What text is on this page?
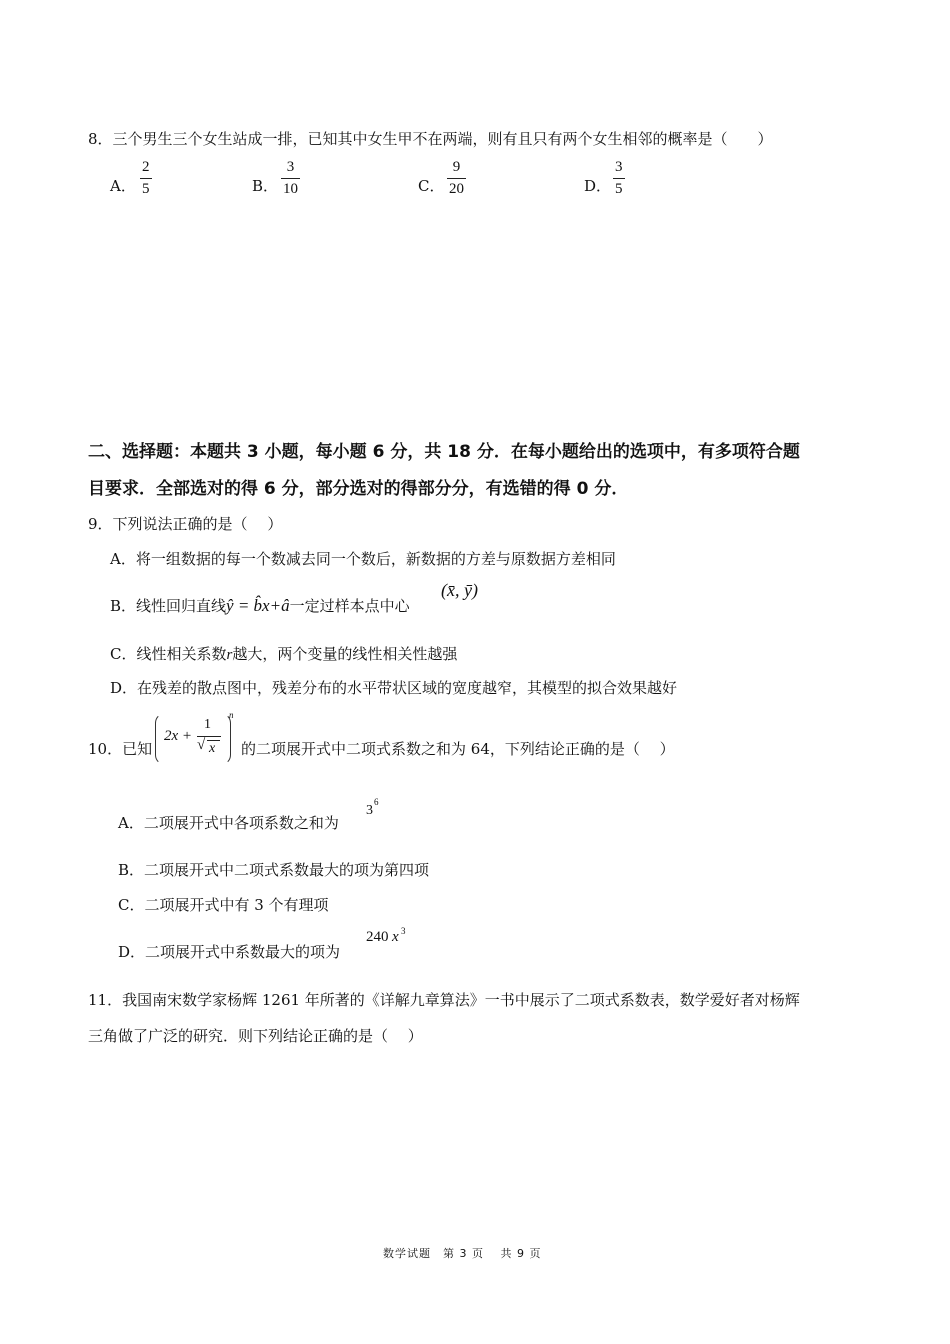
8．三个男生三个女生站成一排，已知其中女生甲不在两端，则有且只有两个女生相邻的概率是（　　）
A．
2
5	B．
3
10	C．
9
20	D．
3
5
二、选择题：本题共 3 小题，每小题 6 分，共 18 分．在每小题给出的选项中，有多项符合题
目要求．全部选对的得 6 分，部分选对的得部分分，有选错的得 0 分．
9．下列说法正确的是（　 ）
A．将一组数据的每一个数减去同一个数后，新数据的方差与原数据方差相同
B．线性回归直线ŷ = b̂x+â一定过样本点中心
(x̄, ȳ)
C．线性相关系数r越大，两个变量的线性相关性越强
D．在残差的散点图中，残差分布的水平带状区域的宽度越窄，其模型的拟合效果越好
10．已知
2x +
1
√ x
n
的二项展开式中二项式系数之和为 64，下列结论正确的是（　 ）
A．二项展开式中各项系数之和为
3
6
B．二项展开式中二项式系数最大的项为第四项
C．二项展开式中有 3 个有理项
D．二项展开式中系数最大的项为
240 x 3
11．我国南宋数学家杨辉 1261 年所著的《详解九章算法》一书中展示了二项式系数表，数学爱好者对杨辉
三角做了广泛的研究．则下列结论正确的是（　 ）
数学试题　第 3 页　 共 9 页
